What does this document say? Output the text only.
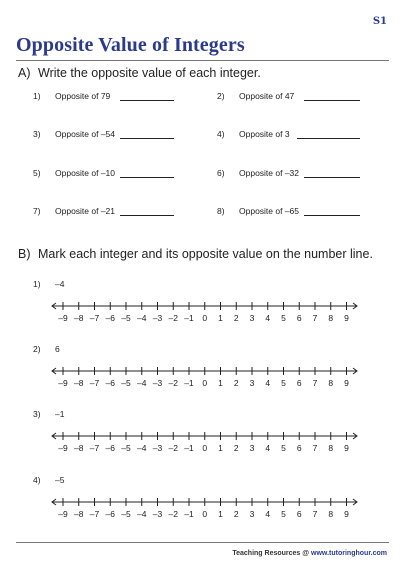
S1
Opposite Value of Integers
A) Write the opposite value of each integer.
1) Opposite of 79	2) Opposite of 47
3) Opposite of –54	4) Opposite of 3
5) Opposite of –10	6) Opposite of –32
7) Opposite of –21	8) Opposite of –65
B) Mark each integer and its opposite value on the number line.
1) –4
–9 –8 –7 –6 –5 –4 –3 –2 –1 0 1 2 3 4 5 6 7 8 9
2) 6
–9 –8 –7 –6 –5 –4 –3 –2 –1 0 1 2 3 4 5 6 7 8 9
3) –1
–9 –8 –7 –6 –5 –4 –3 –2 –1 0 1 2 3 4 5 6 7 8 9
4) –5
–9 –8 –7 –6 –5 –4 –3 –2 –1 0 1 2 3 4 5 6 7 8 9
Teaching Resources @ www.tutoringhour.com
